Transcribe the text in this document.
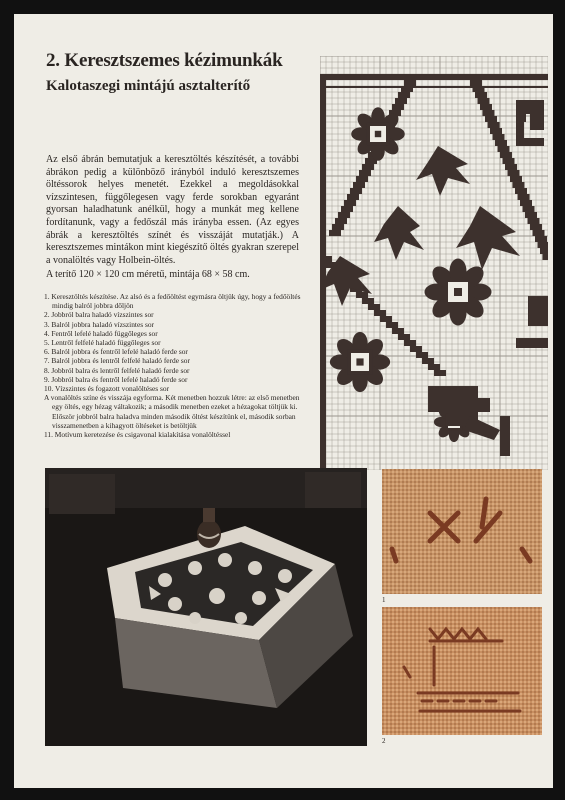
2. Keresztszemes kézimunkák
Kalotaszegi mintájú asztalterítő

Az első ábrán bemutatjuk a keresztöltés készítését, a további ábrákon pedig a különböző irányból induló keresztszemes öltéssorok helyes menetét. Ezekkel a megoldásokkal vízszintesen, függőlegesen vagy ferde sorokban egyaránt gyorsan haladhatunk anélkül, hogy a munkát meg kellene fordítanunk, vagy a fedőszál más irányba essen. (Az egyes ábrák a keresztöltés színét és visszáját mutatják.) A keresztszemes mintákon mint kiegészítő öltés gyakran szerepel a vonalöltés vagy Holbein-öltés.

A terítő 120 × 120 cm méretű, mintája 68 × 58 cm.

1. Keresztöltés készítése. Az alsó és a fedőöltést egymásra öltjük úgy, hogy a fedőöltés mindig balról jobbra dőljön
2. Jobbról balra haladó vízszintes sor
3. Balról jobbra haladó vízszintes sor
4. Fentről lefelé haladó függőleges sor
5. Lentről felfelé haladó függőleges sor
6. Balról jobbra és fentről lefelé haladó ferde sor
7. Balról jobbra és lentről felfelé haladó ferde sor
8. Jobbról balra és lentről felfelé haladó ferde sor
9. Jobbról balra és fentről lefelé haladó ferde sor
10. Vízszintes és fogazott vonalöltéses sor
A vonalöltés színe és visszája egyforma. Két menetben hozzuk létre: az első menetben egy öltés, egy hézag váltakozik; a második menetben ezeket a hézagokat töltjük ki. Először jobbról balra haladva minden második öltést készítünk el, második sorban visszamenetben a kihagyott öltéseket is betöltjük
11. Motívum keretezése és csigavonal kialakítása vonalöltéssel
1
2
